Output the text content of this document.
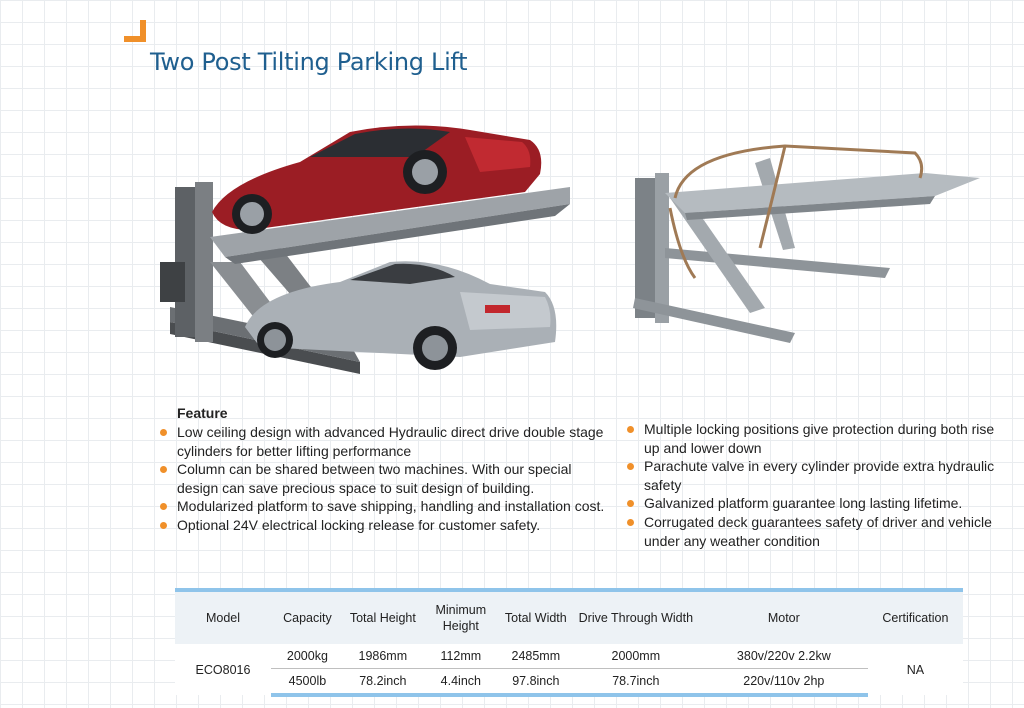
Two Post Tilting Parking Lift
Feature
Low ceiling design with advanced Hydraulic direct drive double stage cylinders for better lifting performance
Column can be shared between two machines. With our special design can save precious space to suit design of building.
Modularized platform to save shipping, handling and installation cost.
Optional 24V electrical locking release for customer safety.
Multiple locking positions give protection during both rise up and lower down
Parachute valve in every cylinder provide extra hydraulic safety
Galvanized platform guarantee long lasting lifetime.
Corrugated deck guarantees safety of driver and vehicle under any weather condition
Model	Capacity	Total Height	Minimum Height	Total Width	Drive Through Width	Motor	Certification
ECO8016	2000kg	1986mm	112mm	2485mm	2000mm	380v/220v 2.2kw	NA
	4500lb	78.2inch	4.4inch	97.8inch	78.7inch	220v/110v 2hp	
